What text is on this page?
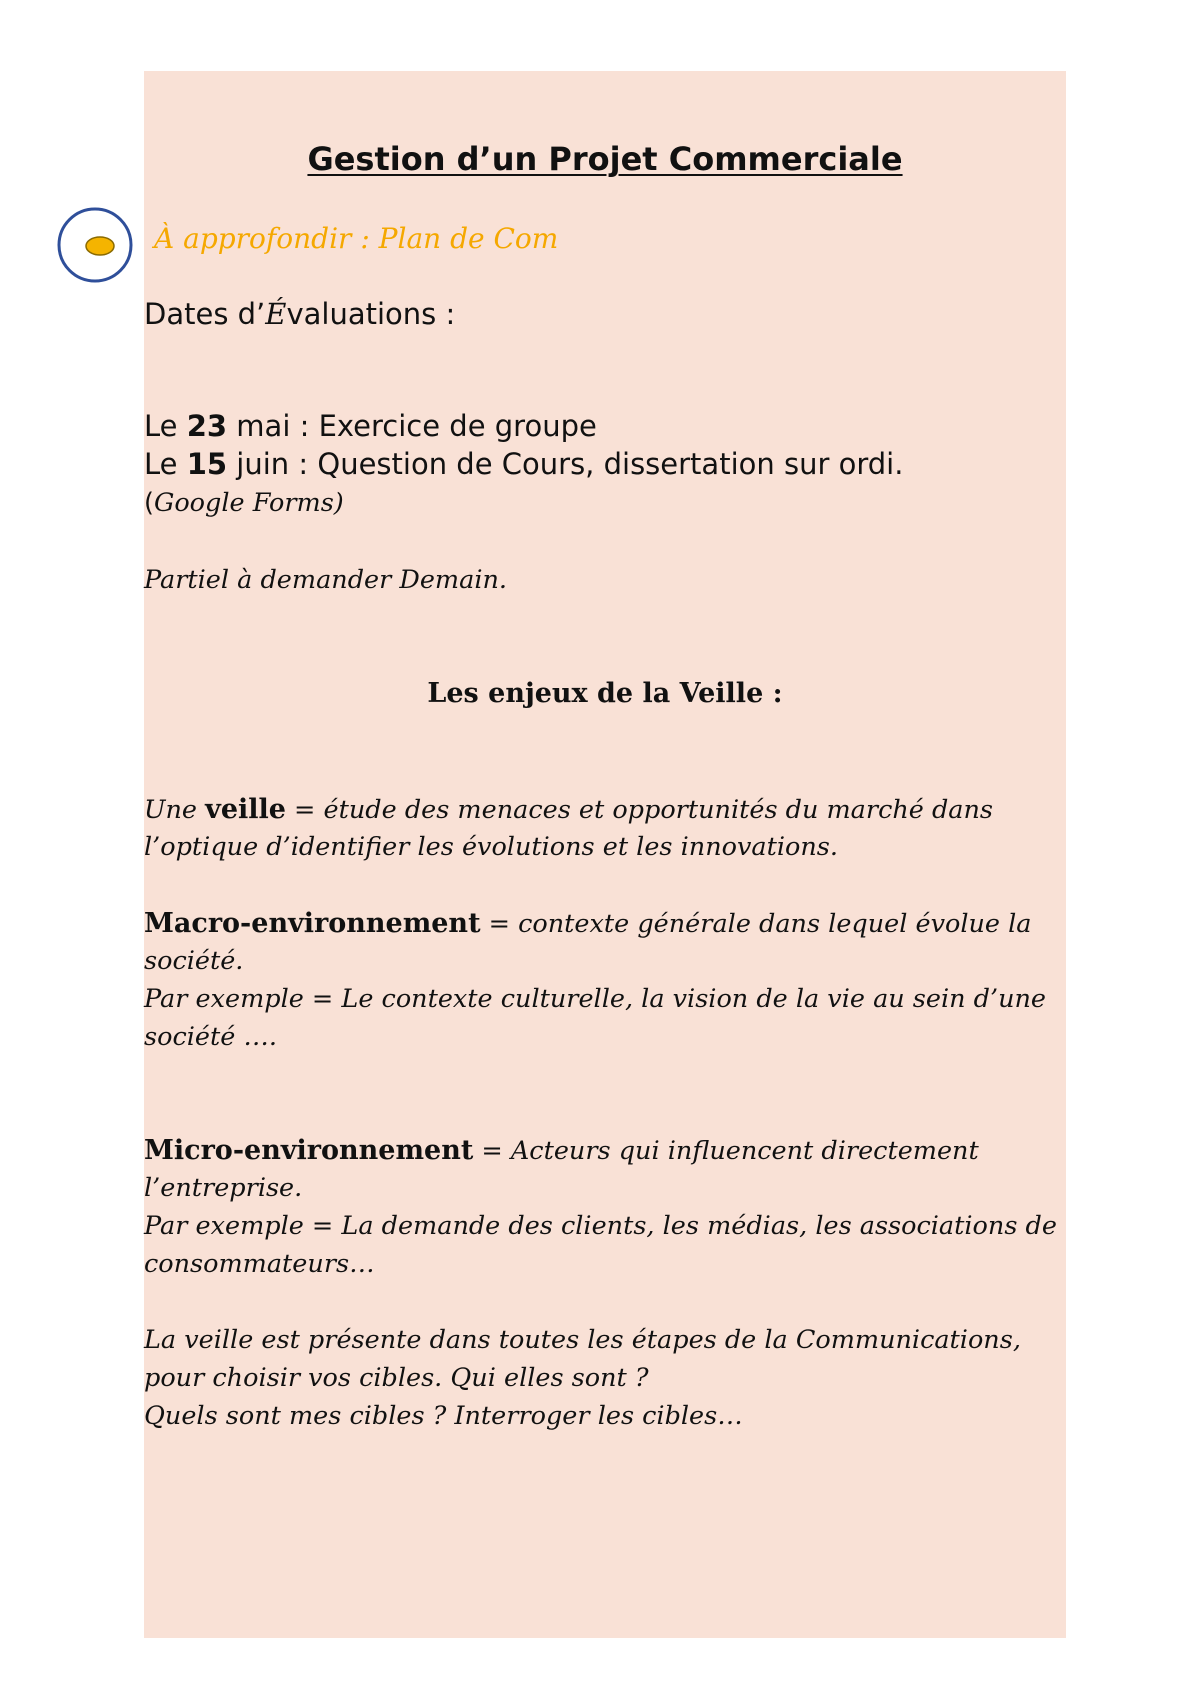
Gestion d’un Projet Commerciale
À approfondir : Plan de Com
Dates d’Évaluations :
Le 23 mai : Exercice de groupe
Le 15 juin : Question de Cours, dissertation sur ordi.
(Google Forms)
Partiel à demander Demain.
Les enjeux de la Veille :
Une veille = étude des menaces et opportunités du marché dans
l’optique d’identifier les évolutions et les innovations.
Macro-environnement = contexte générale dans lequel évolue la
société.
Par exemple = Le contexte culturelle, la vision de la vie au sein d’une
société ….
Micro-environnement = Acteurs qui influencent directement
l’entreprise.
Par exemple = La demande des clients, les médias, les associations de
consommateurs…
La veille est présente dans toutes les étapes de la Communications,
pour choisir vos cibles. Qui elles sont ?
Quels sont mes cibles ? Interroger les cibles…
